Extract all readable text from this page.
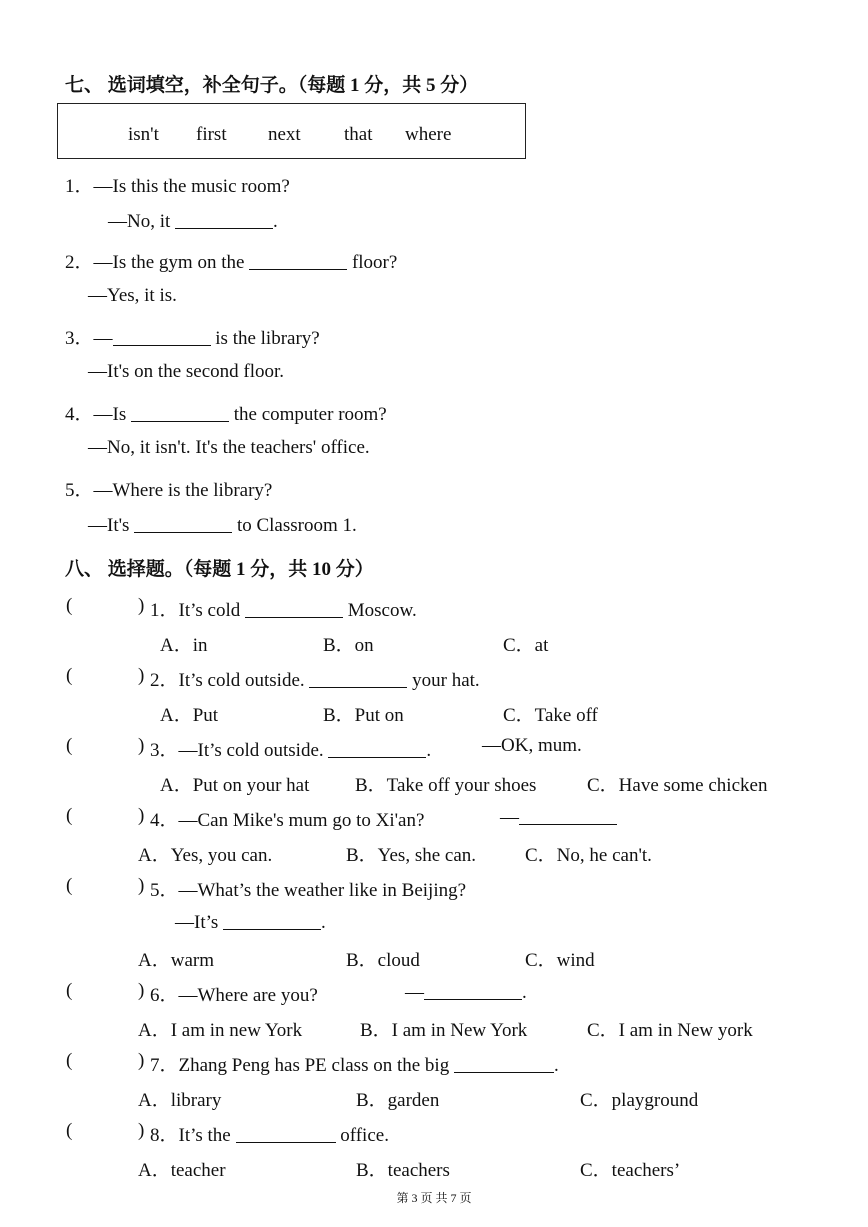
七、 选词填空，补全句子。（每题 1 分，共 5 分）
isn't first next that where
1．—Is this the music room?
—No, it	.
2．—Is the gym on the	floor?
—Yes, it is.
3．—	is the library?
—It's on the second floor.
4．—Is	the computer room?
—No, it isn't. It's the teachers' office.
5．—Where is the library?
—It's	to Classroom 1.
八、 选择题。（每题 1 分，共 10 分）
(	) 1．It’s cold	Moscow.
A．in	B．on	C．at
(	) 2．It’s cold outside.	your hat.
A．Put	B．Put on	C．Take off
(	) 3．—It’s cold outside.	.	—OK, mum.
A．Put on your hat B．Take off your shoes	C．Have some chicken
(	) 4．—Can Mike's mum go to Xi'an?	—
A．Yes, you can.	B．Yes, she can.	C．No, he can't.
(	) 5．—What’s the weather like in Beijing?
—It’s	.
A．warm	B．cloud	C．wind
(	) 6．—Where are you?	—	.
A．I am in new York	B．I am in New York	C．I am in New york
(	) 7．Zhang Peng has PE class on the big	.
A．library	B．garden	C．playground
(	) 8．It’s the	office.
A．teacher	B．teachers	C．teachers’
第 3 页 共 7 页
